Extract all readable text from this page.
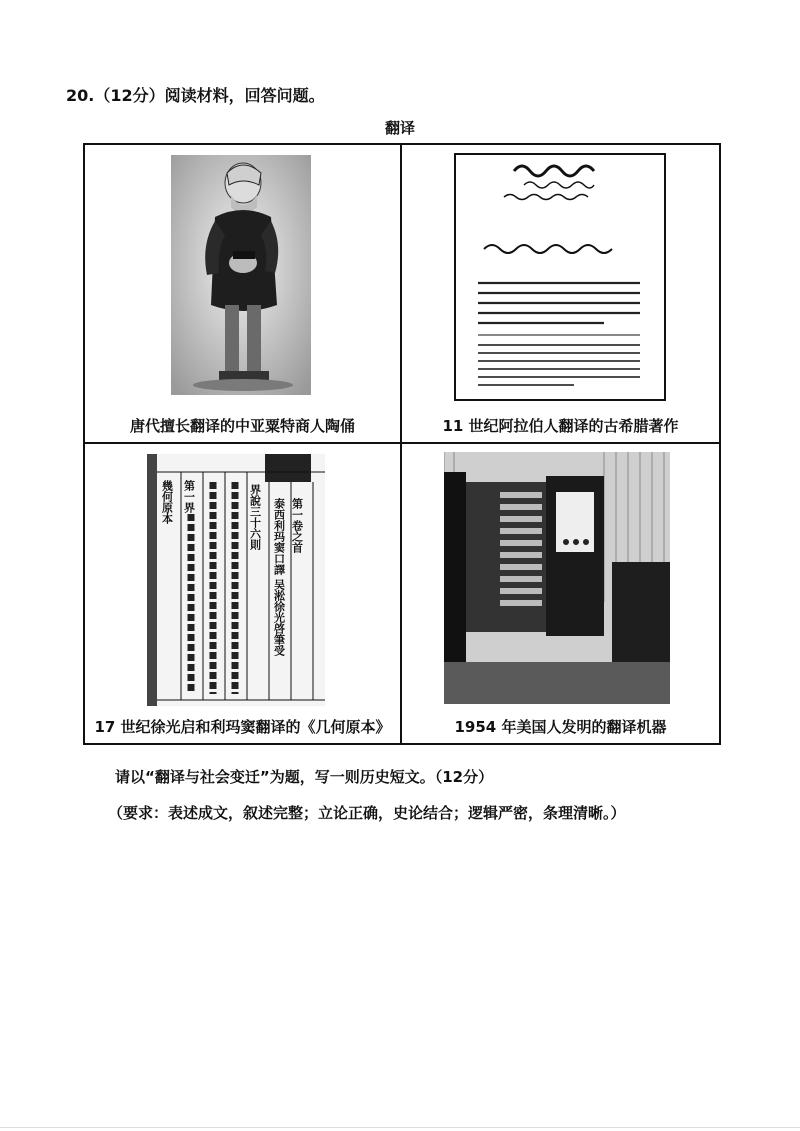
20.（12分）阅读材料，回答问题。
翻译
唐代擅长翻译的中亚粟特商人陶俑	11 世纪阿拉伯人翻译的古希腊著作
第一卷之首
泰西利玛窦口譯 吴淞徐光啓筆受
界說三十六則
幾何原本 第一界
17 世纪徐光启和利玛窦翻译的《几何原本》	1954 年美国人发明的翻译机器
请以“翻译与社会变迁”为题，写一则历史短文。（12分）
（要求：表述成文，叙述完整；立论正确，史论结合；逻辑严密，条理清晰。）
